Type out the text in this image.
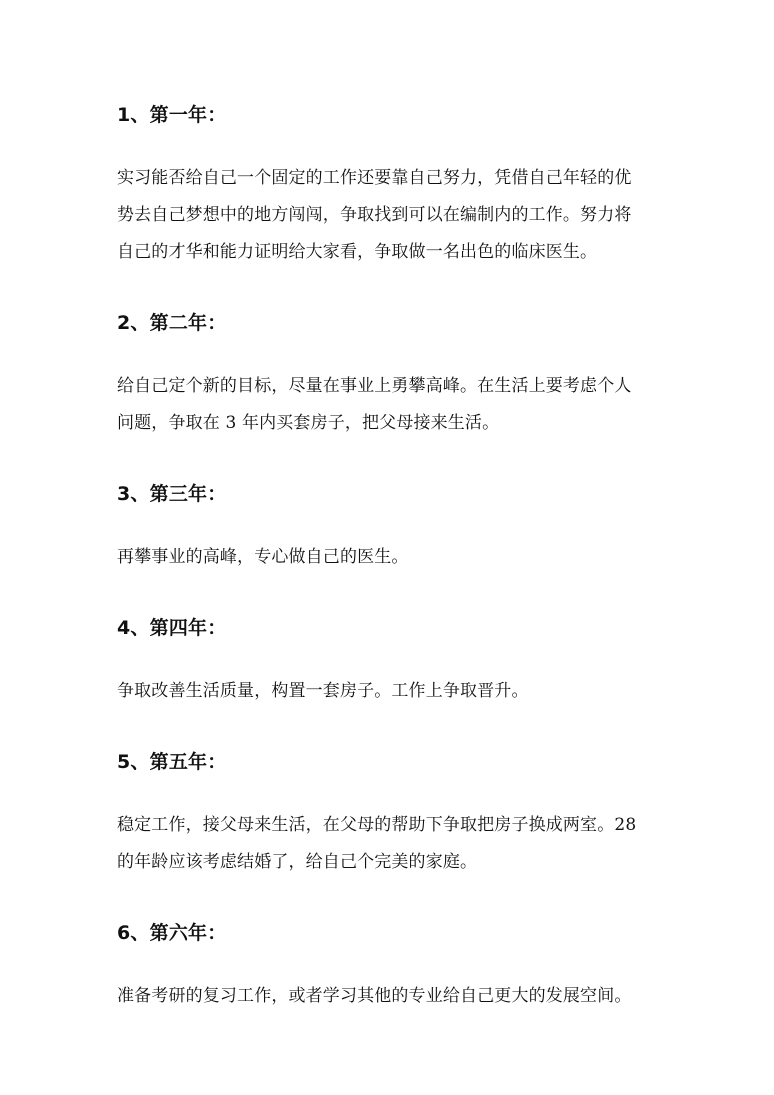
1、第一年：

实习能否给自己一个固定的工作还要靠自己努力，凭借自己年轻的优
势去自己梦想中的地方闯闯，争取找到可以在编制内的工作。努力将
自己的才华和能力证明给大家看，争取做一名出色的临床医生。

2、第二年：

给自己定个新的目标，尽量在事业上勇攀高峰。在生活上要考虑个人
问题，争取在 3 年内买套房子，把父母接来生活。

3、第三年：

再攀事业的高峰，专心做自己的医生。

4、第四年：

争取改善生活质量，构置一套房子。工作上争取晋升。

5、第五年：

稳定工作，接父母来生活，在父母的帮助下争取把房子换成两室。28
的年龄应该考虑结婚了，给自己个完美的家庭。

6、第六年：

准备考研的复习工作，或者学习其他的专业给自己更大的发展空间。
